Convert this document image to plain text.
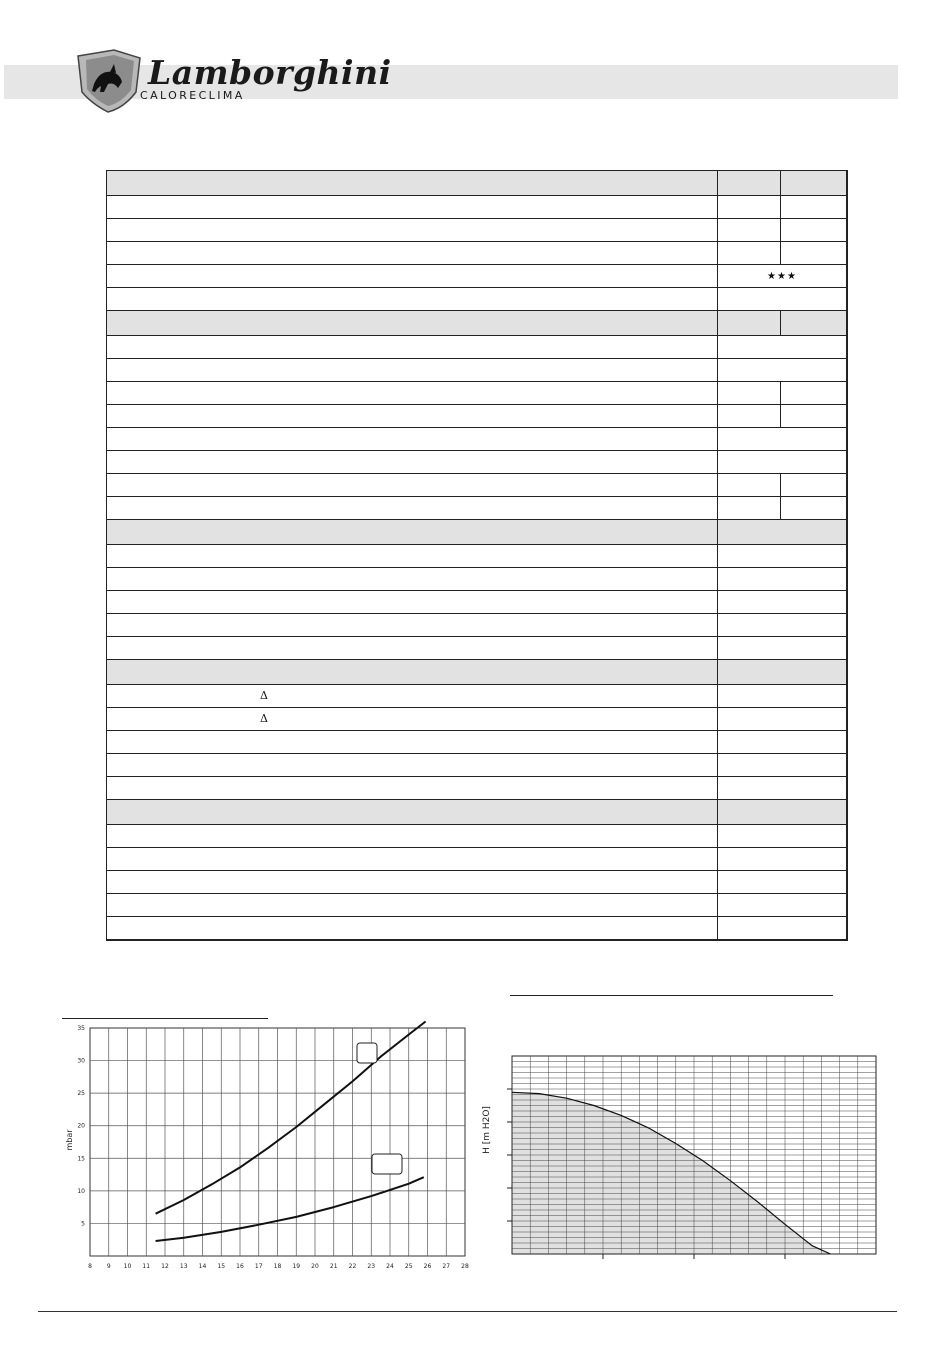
Lamborghini
CALORECLIMA

	★★★	

Δ		

Δ		

8 9 10 11 12 13 14 15 16 17 18 19 20 21 22 23 24 25 26 27 28
5
10
15
20
25
30
35
mbar	H [m H2O]
